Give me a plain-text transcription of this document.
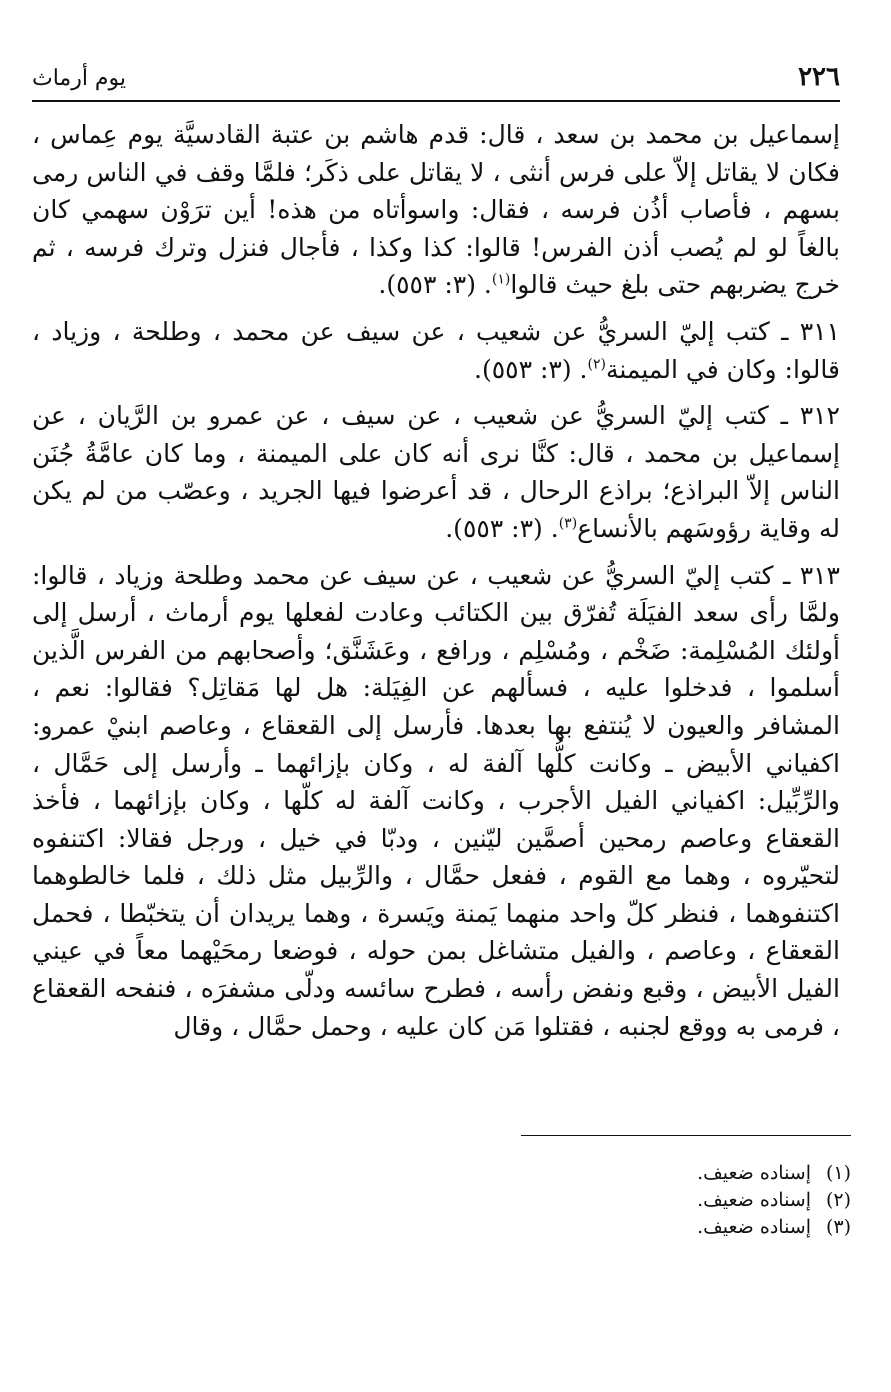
٢٢٦
يوم أرماث

إسماعيل بن محمد بن سعد ، قال: قدم هاشم بن عتبة القادسيَّة يوم عِماس ، فكان لا يقاتل إلاّ على فرس أنثى ، لا يقاتل على ذكَر؛ فلمَّا وقف في الناس رمى بسهم ، فأصاب أذُن فرسه ، فقال: واسوأتاه من هذه! أين ترَوْن سهمي كان بالغاً لو لم يُصب أذن الفرس! قالوا: كذا وكذا ، فأجال فنزل وترك فرسه ، ثم خرج يضربهم حتى بلغ حيث قالوا$^{(١)}$. (٣: ٥٥٣).

٣١١ ـ كتب إليّ السريُّ عن شعيب ، عن سيف عن محمد ، وطلحة ، وزياد ، قالوا: وكان في الميمنة$^{(٢)}$. (٣: ٥٥٣).

٣١٢ ـ كتب إليّ السريُّ عن شعيب ، عن سيف ، عن عمرو بن الرَّيان ، عن إسماعيل بن محمد ، قال: كنَّا نرى أنه كان على الميمنة ، وما كان عامَّةُ جُنَن الناس إلاّ البراذع؛ براذع الرحال ، قد أعرضوا فيها الجريد ، وعصّب من لم يكن له وقاية رؤوسَهم بالأنساع$^{(٣)}$. (٣: ٥٥٣).

٣١٣ ـ كتب إليّ السريُّ عن شعيب ، عن سيف عن محمد وطلحة وزياد ، قالوا: ولمَّا رأى سعد الفيَلَة تُفرّق بين الكتائب وعادت لفعلها يوم أرماث ، أرسل إلى أولئك المُسْلِمة: ضَخْم ، ومُسْلِم ، ورافع ، وعَشَنَّق؛ وأصحابهم من الفرس الَّذين أسلموا ، فدخلوا عليه ، فسألهم عن الفِيَلة: هل لها مَقاتِل؟ فقالوا: نعم ، المشافر والعيون لا يُنتفع بها بعدها. فأرسل إلى القعقاع ، وعاصم ابنيْ عمرو: اكفياني الأبيض ـ وكانت كلُّها آلفة له ، وكان بإزائهما ـ وأرسل إلى حَمَّال ، والرِّبِّيل: اكفياني الفيل الأجرب ، وكانت آلفة له كلّها ، وكان بإزائهما ، فأخذ القعقاع وعاصم رمحين أصمَّين ليّنين ، ودبّا في خيل ، ورجل فقالا: اكتنفوه لتحيّروه ، وهما مع القوم ، ففعل حمَّال ، والرِّبيل مثل ذلك ، فلما خالطوهما اكتنفوهما ، فنظر كلّ واحد منهما يَمنة ويَسرة ، وهما يريدان أن يتخبّطا ، فحمل القعقاع ، وعاصم ، والفيل متشاغل بمن حوله ، فوضعا رمحَيْهما معاً في عيني الفيل الأبيض ، وقبع ونفض رأسه ، فطرح سائسه ودلّى مشفرَه ، فنفحه القعقاع ، فرمى به ووقع لجنبه ، فقتلوا مَن كان عليه ، وحمل حمَّال ، وقال

(١)إسناده ضعيف.
(٢)إسناده ضعيف.
(٣)إسناده ضعيف.
